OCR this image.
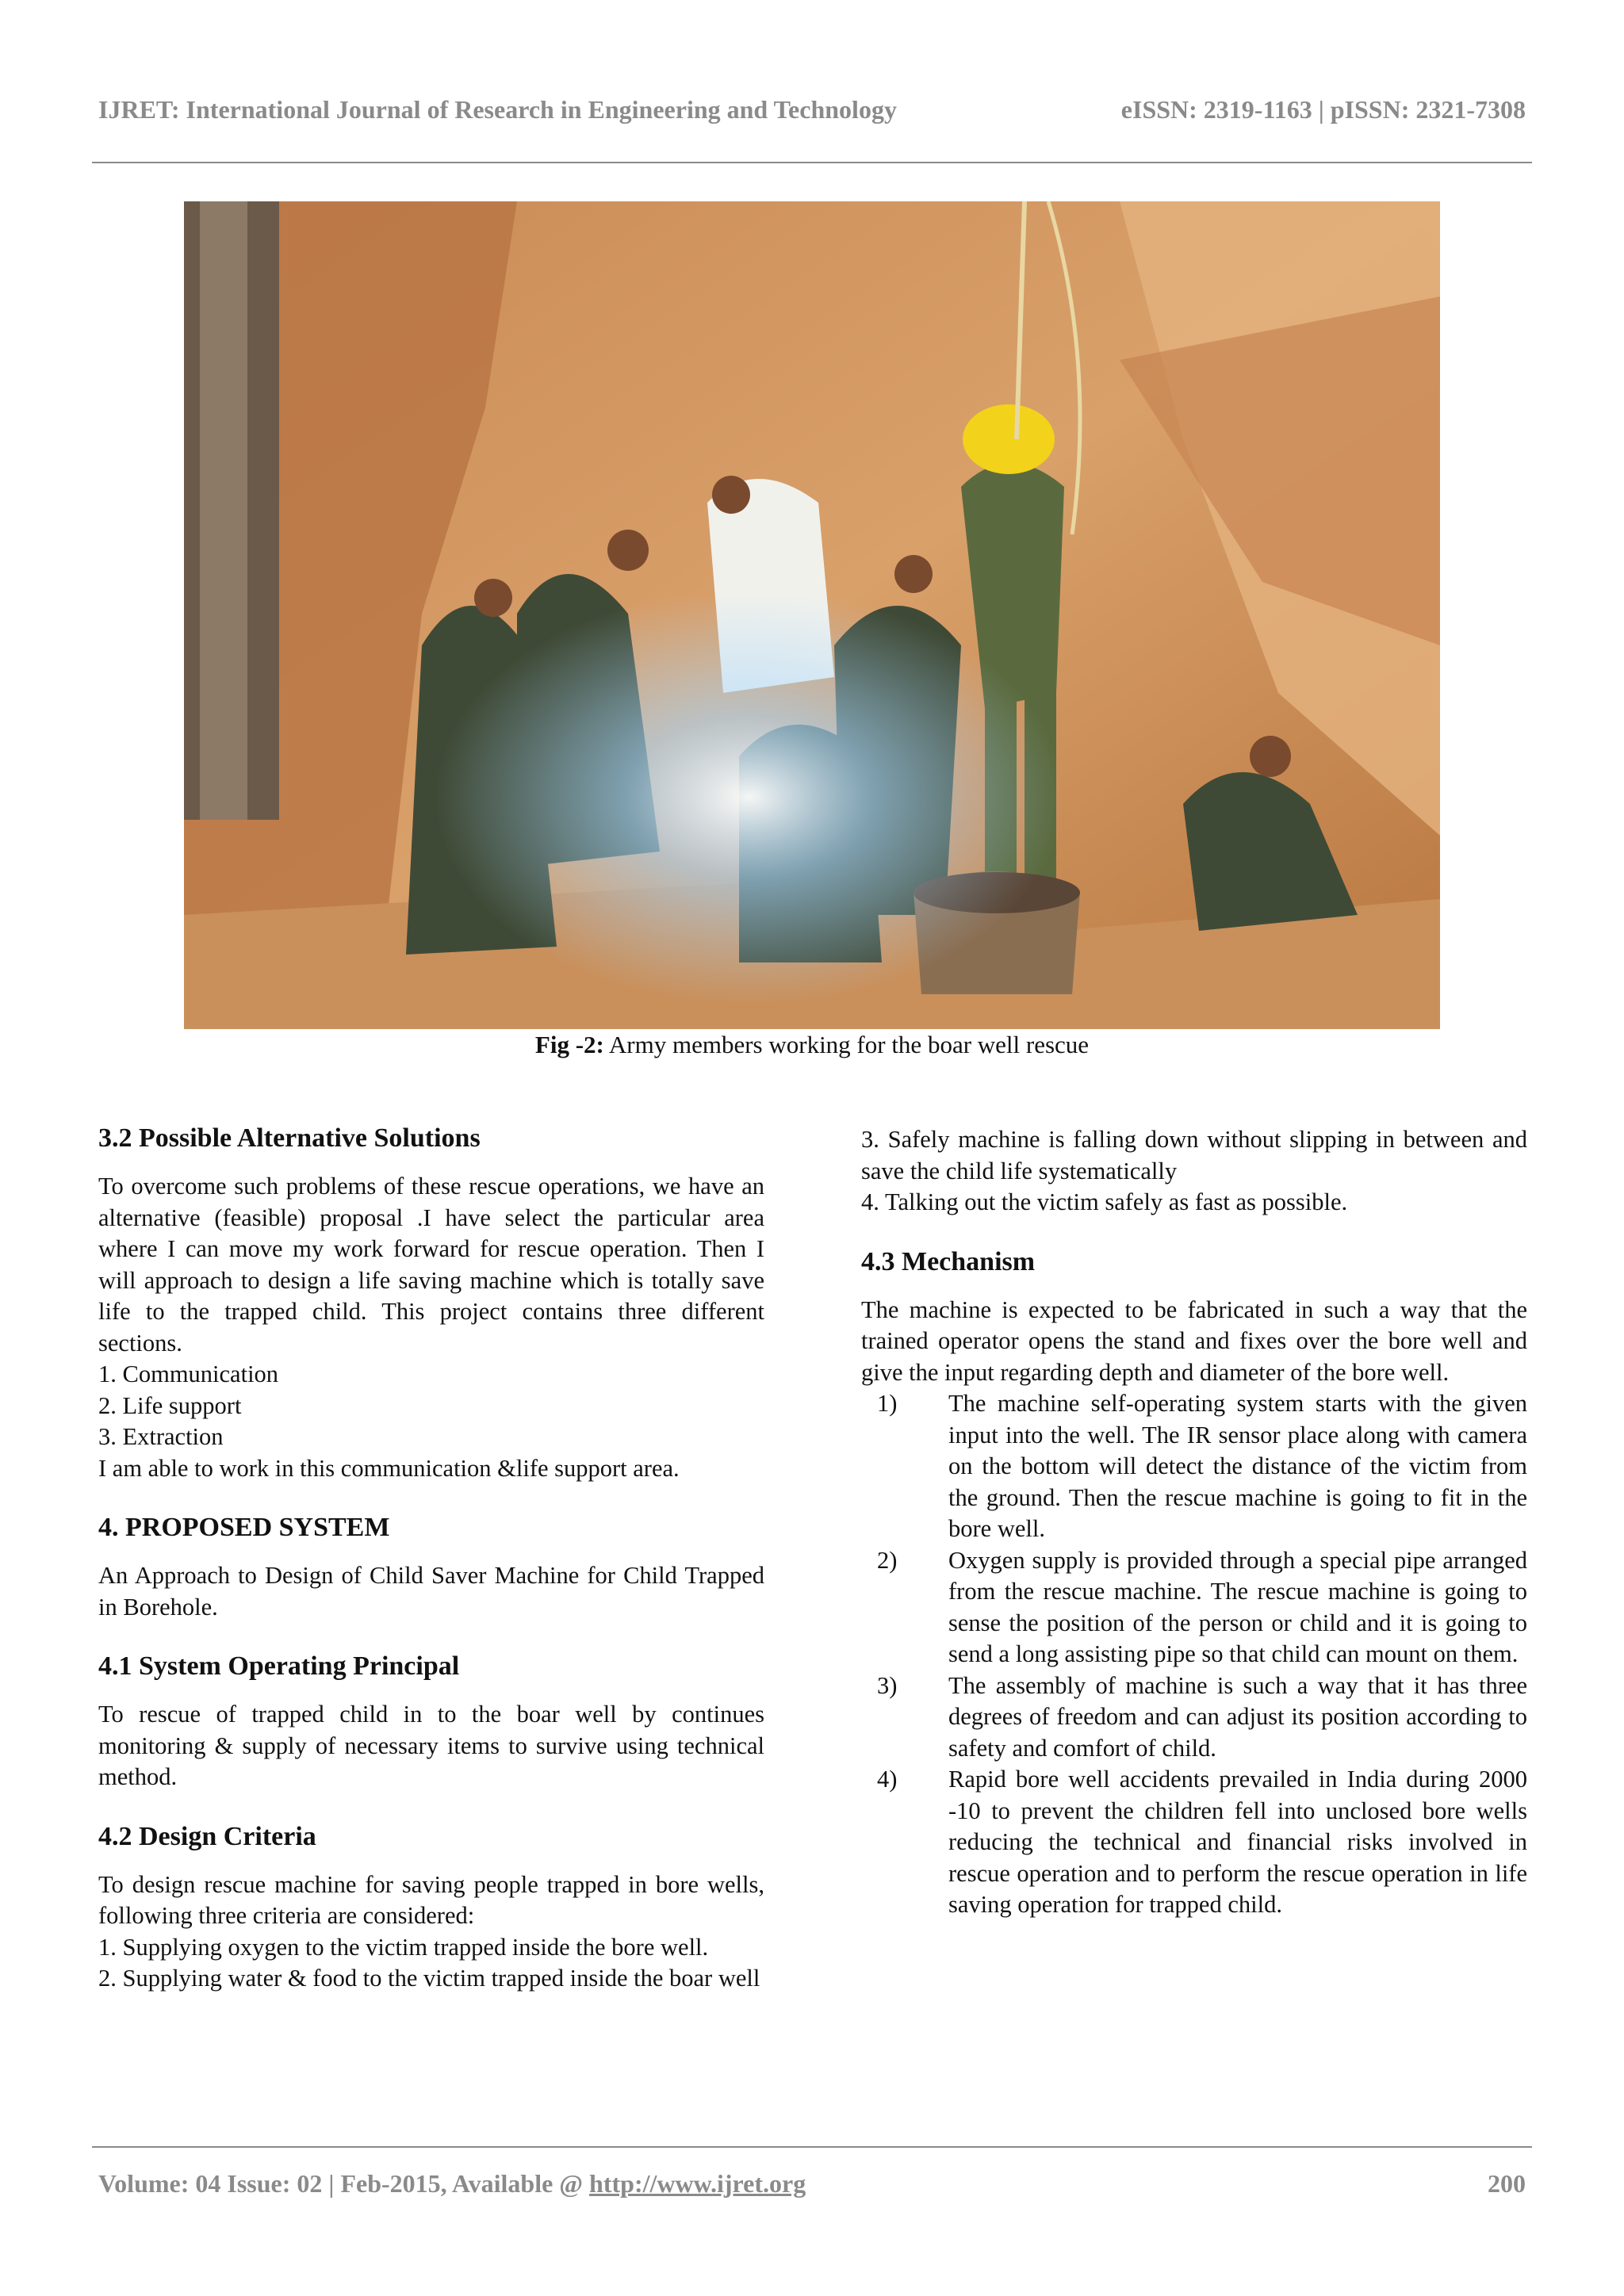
IJRET: International Journal of Research in Engineering and Technology	eISSN: 2319-1163 | pISSN: 2321-7308
Fig -2: Army members working for the boar well rescue
3.2 Possible Alternative Solutions

To overcome such problems of these rescue operations, we have an alternative (feasible) proposal .I have select the particular area where I can move my work forward for rescue operation. Then I will approach to design a life saving machine which is totally save life to the trapped child. This project contains three different sections.

1. Communication
2. Life support
3. Extraction
I am able to work in this communication &life support area.
4. PROPOSED SYSTEM

An Approach to Design of Child Saver Machine for Child Trapped in Borehole.

4.1 System Operating Principal

To rescue of trapped child in to the boar well by continues monitoring & supply of necessary items to survive using technical method.

4.2 Design Criteria

To design rescue machine for saving people trapped in bore wells, following three criteria are considered:

1. Supplying oxygen to the victim trapped inside the bore well.

2. Supplying water & food to the victim trapped inside the boar well

3. Safely machine is falling down without slipping in between and save the child life systematically

4. Talking out the victim safely as fast as possible.

4.3 Mechanism

The machine is expected to be fabricated in such a way that the trained operator opens the stand and fixes over the bore well and give the input regarding depth and diameter of the bore well.

1)	The machine self-operating system starts with the given input into the well. The IR sensor place along with camera on the bottom will detect the distance of the victim from the ground. Then the rescue machine is going to fit in the bore well.
2)	Oxygen supply is provided through a special pipe arranged from the rescue machine. The rescue machine is going to sense the position of the person or child and it is going to send a long assisting pipe so that child can mount on them.
3)	The assembly of machine is such a way that it has three degrees of freedom and can adjust its position according to safety and comfort of child.
4)	Rapid bore well accidents prevailed in India during 2000 -10 to prevent the children fell into unclosed bore wells reducing the technical and financial risks involved in rescue operation and to perform the rescue operation in life saving operation for trapped child.
Volume: 04 Issue: 02 | Feb-2015, Available @ http://www.ijret.org	200
